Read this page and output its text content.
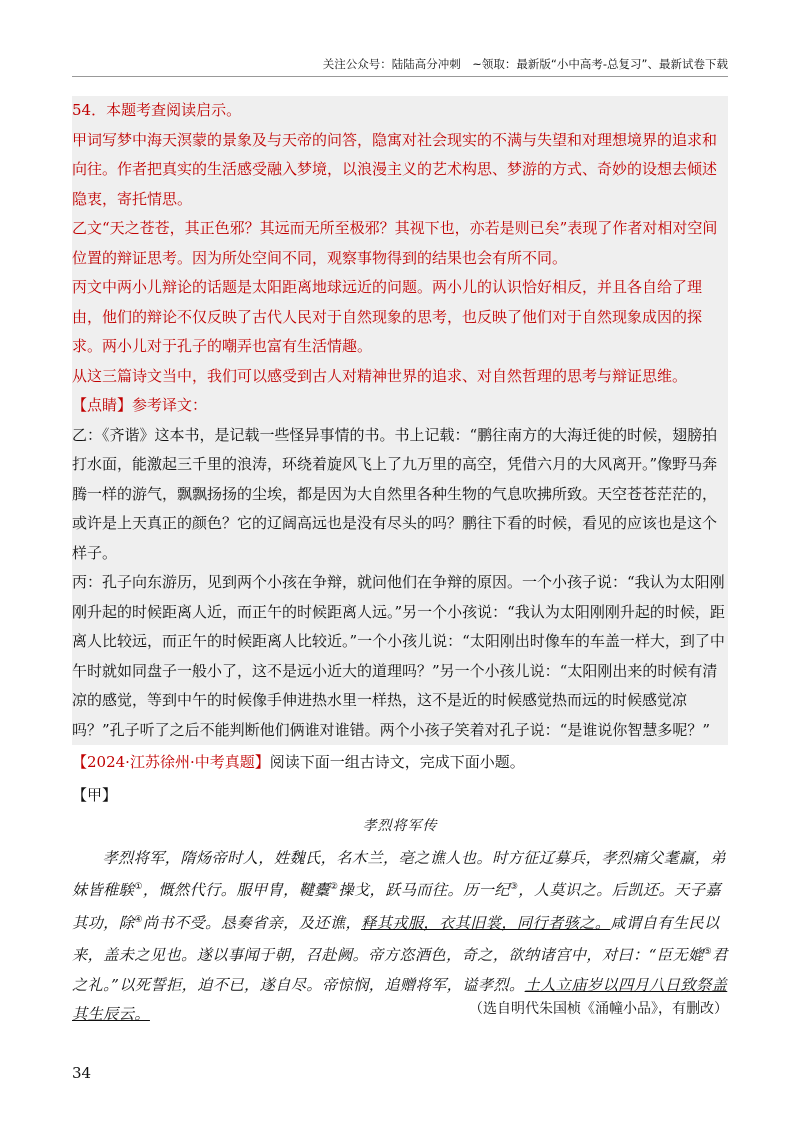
关注公众号：陆陆高分冲刺　~领取：最新版“小中高考-总复习”、最新试卷下载

54．本题考查阅读启示。

甲词写梦中海天溟蒙的景象及与天帝的问答，隐寓对社会现实的不满与失望和对理想境界的追求和向往。作者把真实的生活感受融入梦境，以浪漫主义的艺术构思、梦游的方式、奇妙的设想去倾述隐衷，寄托情思。

乙文“天之苍苍，其正色邪？其远而无所至极邪？其视下也，亦若是则已矣”表现了作者对相对空间位置的辩证思考。因为所处空间不同，观察事物得到的结果也会有所不同。

丙文中两小儿辩论的话题是太阳距离地球远近的问题。两小儿的认识恰好相反，并且各自给了理由，他们的辩论不仅反映了古代人民对于自然现象的思考，也反映了他们对于自然现象成因的探求。两小儿对于孔子的嘲弄也富有生活情趣。

从这三篇诗文当中，我们可以感受到古人对精神世界的追求、对自然哲理的思考与辩证思维。

【点睛】参考译文：

乙：《齐谐》这本书，是记载一些怪异事情的书。书上记载：“鹏往南方的大海迁徙的时候，翅膀拍打水面，能激起三千里的浪涛，环绕着旋风飞上了九万里的高空，凭借六月的大风离开。”像野马奔腾一样的游气，飘飘扬扬的尘埃，都是因为大自然里各种生物的气息吹拂所致。天空苍苍茫茫的，或许是上天真正的颜色？它的辽阔高远也是没有尽头的吗？鹏往下看的时候，看见的应该也是这个样子。

丙：孔子向东游历，见到两个小孩在争辩，就问他们在争辩的原因。一个小孩子说：“我认为太阳刚刚升起的时候距离人近，而正午的时候距离人远。”另一个小孩说：“我认为太阳刚刚升起的时候，距离人比较远，而正午的时候距离人比较近。”一个小孩儿说：“太阳刚出时像车的车盖一样大，到了中午时就如同盘子一般小了，这不是远小近大的道理吗？”另一个小孩儿说：“太阳刚出来的时候有清凉的感觉，等到中午的时候像手伸进热水里一样热，这不是近的时候感觉热而远的时候感觉凉吗？”孔子听了之后不能判断他们俩谁对谁错。两个小孩子笑着对孔子说：“是谁说你智慧多呢？”

【2024·江苏徐州·中考真题】阅读下面一组古诗文，完成下面小题。
【甲】
孝烈将军传

孝烈将军，隋炀帝时人，姓魏氏，名木兰，亳之谯人也。时方征辽募兵，孝烈痛父耄羸，弟妹皆稚騃①，慨然代行。服甲胄，鞬櫜②操戈，跃马而往。历一纪③，人莫识之。后凯还。天子嘉其功，除④尚书不受。恳奏省亲，及还谯，释其戎服，衣其旧裳，同行者骇之。咸谓自有生民以来，盖未之见也。遂以事闻于朝，召赴阙。帝方恣酒色，奇之，欲纳诸宫中，对曰：“臣无媲⑤君之礼。”以死誓拒，迫不已，遂自尽。帝惊悯，追赠将军，谥孝烈。土人立庙岁以四月八日致祭盖其生辰云。	（选自明代朱国桢《涌幢小品》，有删改）
34
